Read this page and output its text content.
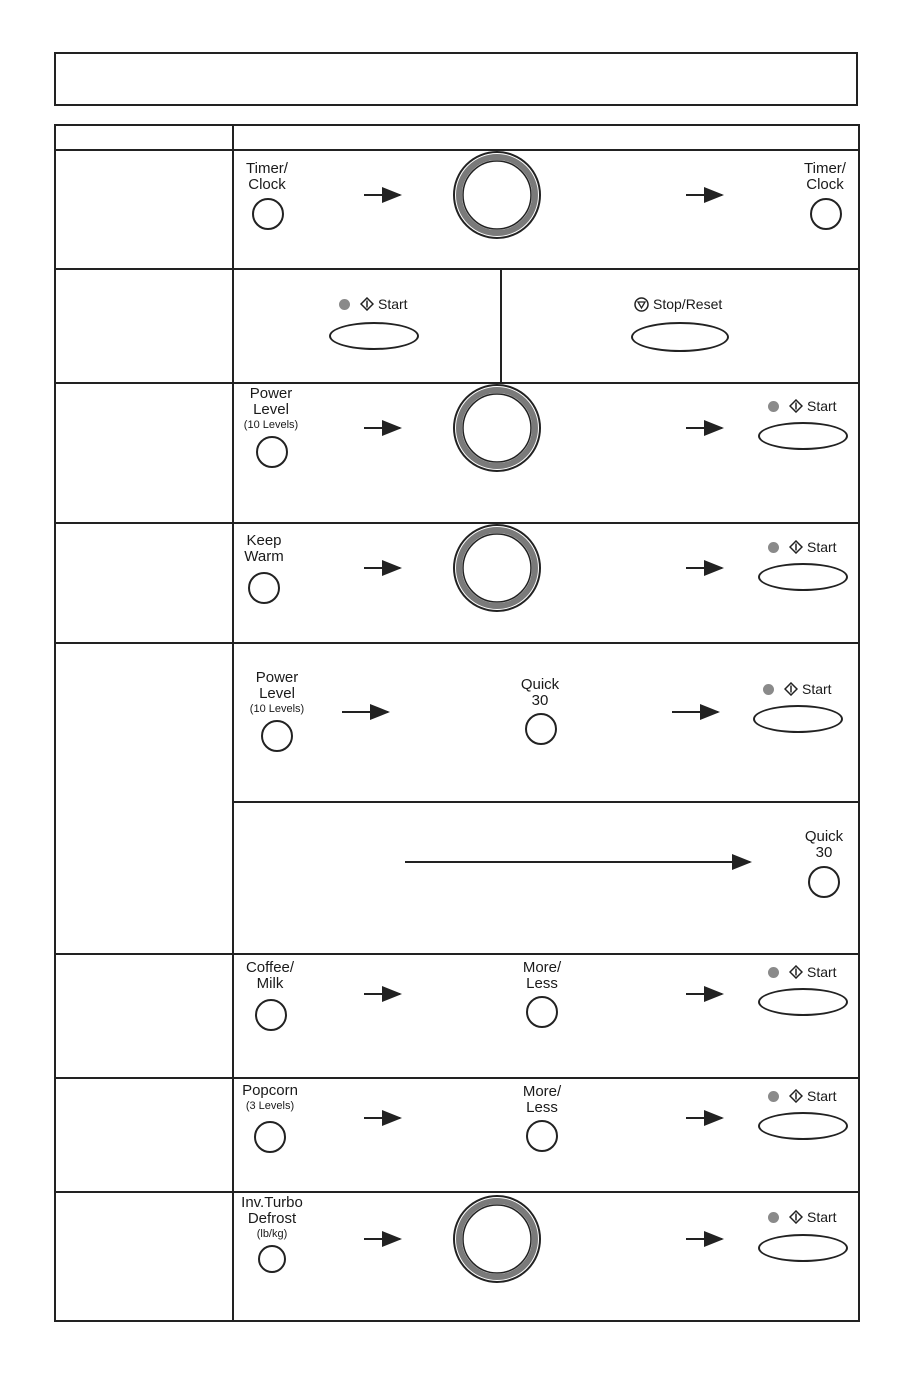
Timer/
Clock
Timer/
Clock
Start	Stop/Reset
Power
Level
(10 Levels)
Start
Keep
Warm
Start
Power
Level
(10 Levels)
Quick
30
Start
Quick
30
Coffee/
Milk
More/
Less
Start
Popcorn
(3 Levels)
More/
Less
Start
Inv.Turbo
Defrost
(lb/kg)
Start
